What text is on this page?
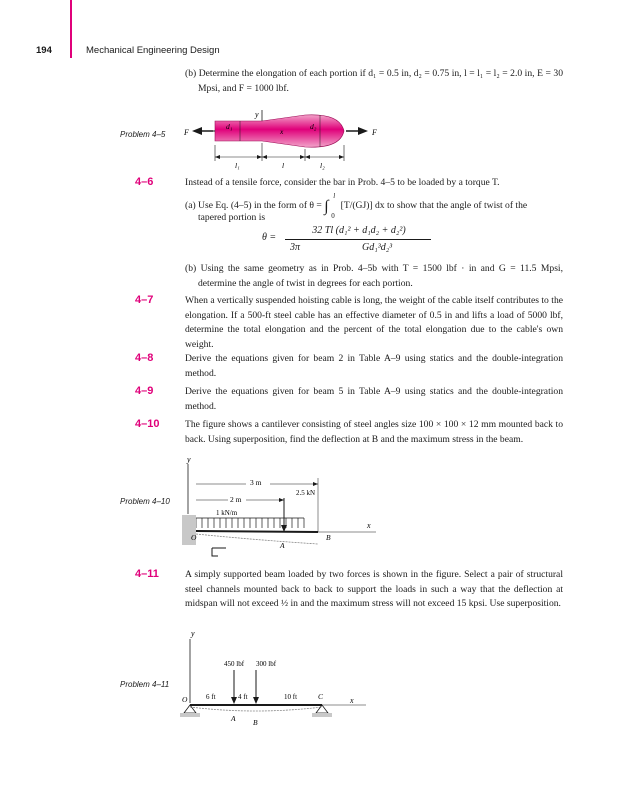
194	Mechanical Engineering Design
(b) Determine the elongation of each portion if d₁ = 0.5 in, d₂ = 0.75 in, l = l₁ = l₂ = 2.0 in, E = 30 Mpsi, and F = 1000 lbf.
Problem 4–5
y
F	F
d₁	d₂
x
l₁	l	l₂
4–6	Instead of a tensile force, consider the bar in Prob. 4–5 to be loaded by a torque T.
(a) Use Eq. (4–5) in the form of θ = ∫
l
0
[T/(GJ)] dx to show that the angle of twist of the
tapered portion is
θ =
32 Tl (d₁² + d₁d₂ + d₂²)
3π	Gd₁³d₂³
(b) Using the same geometry as in Prob. 4–5b with T = 1500 lbf · in and G = 11.5 Mpsi, determine the angle of twist in degrees for each portion.
4–7	When a vertically suspended hoisting cable is long, the weight of the cable itself contributes to the elongation. If a 500-ft steel cable has an effective diameter of 0.5 in and lifts a load of 5000 lbf, determine the total elongation and the percent of the total elongation due to the cable's own weight.
4–8	Derive the equations given for beam 2 in Table A–9 using statics and the double-integration method.
4–9	Derive the equations given for beam 5 in Table A–9 using statics and the double-integration method.
4–10	The figure shows a cantilever consisting of steel angles size 100 × 100 × 12 mm mounted back to back. Using superposition, find the deflection at B and the maximum stress in the beam.
Problem 4–10
y
3 m
2.5 kN
2 m
1 kN/m
x
O
A
B
4–11	A simply supported beam loaded by two forces is shown in the figure. Select a pair of structural steel channels mounted back to back to support the loads in such a way that the deflection at midspan will not exceed ½ in and the maximum stress will not exceed 15 kpsi. Use superposition.
Problem 4–11
y
450 lbf 300 lbf
6 ft	4 ft	10 ft	C	x
O
A B
